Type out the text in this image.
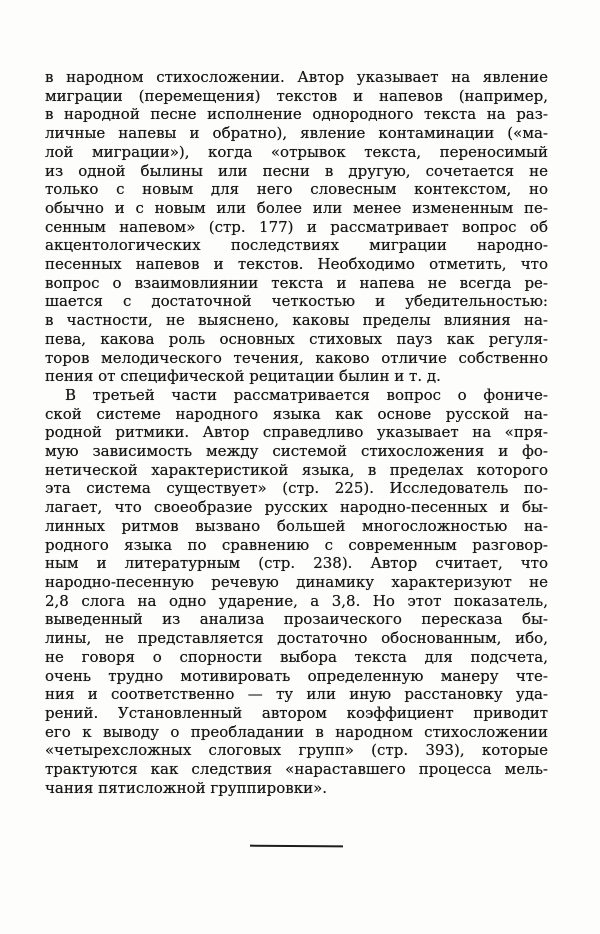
в народном стихосложении. Автор указывает на явление
миграции (перемещения) текстов и напевов (например,
в народной песне исполнение однородного текста на раз-
личные напевы и обратно), явление контаминации («ма-
лой миграции»), когда «отрывок текста, переносимый
из одной былины или песни в другую, сочетается не
только с новым для него словесным контекстом, но
обычно и с новым или более или менее измененным пе-
сенным напевом» (стр. 177) и рассматривает вопрос об
акцентологических последствиях миграции народно-
песенных напевов и текстов. Необходимо отметить, что
вопрос о взаимовлиянии текста и напева не всегда ре-
шается с достаточной четкостью и убедительностью:
в частности, не выяснено, каковы пределы влияния на-
пева, какова роль основных стиховых пауз как регуля-
торов мелодического течения, каково отличие собственно
пения от специфической рецитации былин и т. д.
В третьей части рассматривается вопрос о фониче-
ской системе народного языка как основе русской на-
родной ритмики. Автор справедливо указывает на «пря-
мую зависимость между системой стихосложения и фо-
нетической характеристикой языка, в пределах которого
эта система существует» (стр. 225). Исследователь по-
лагает, что своеобразие русских народно-песенных и бы-
линных ритмов вызвано большей многосложностью на-
родного языка по сравнению с современным разговор-
ным и литературным (стр. 238). Автор считает, что
народно-песенную речевую динамику характеризуют не
2,8 слога на одно ударение, а 3,8. Но этот показатель,
выведенный из анализа прозаического пересказа бы-
лины, не представляется достаточно обоснованным, ибо,
не говоря о спорности выбора текста для подсчета,
очень трудно мотивировать определенную манеру чте-
ния и соответственно — ту или иную расстановку уда-
рений. Установленный автором коэффициент приводит
его к выводу о преобладании в народном стихосложении
«четырехсложных слоговых групп» (стр. 393), которые
трактуются как следствия «нараставшего процесса мель-
чания пятисложной группировки».
